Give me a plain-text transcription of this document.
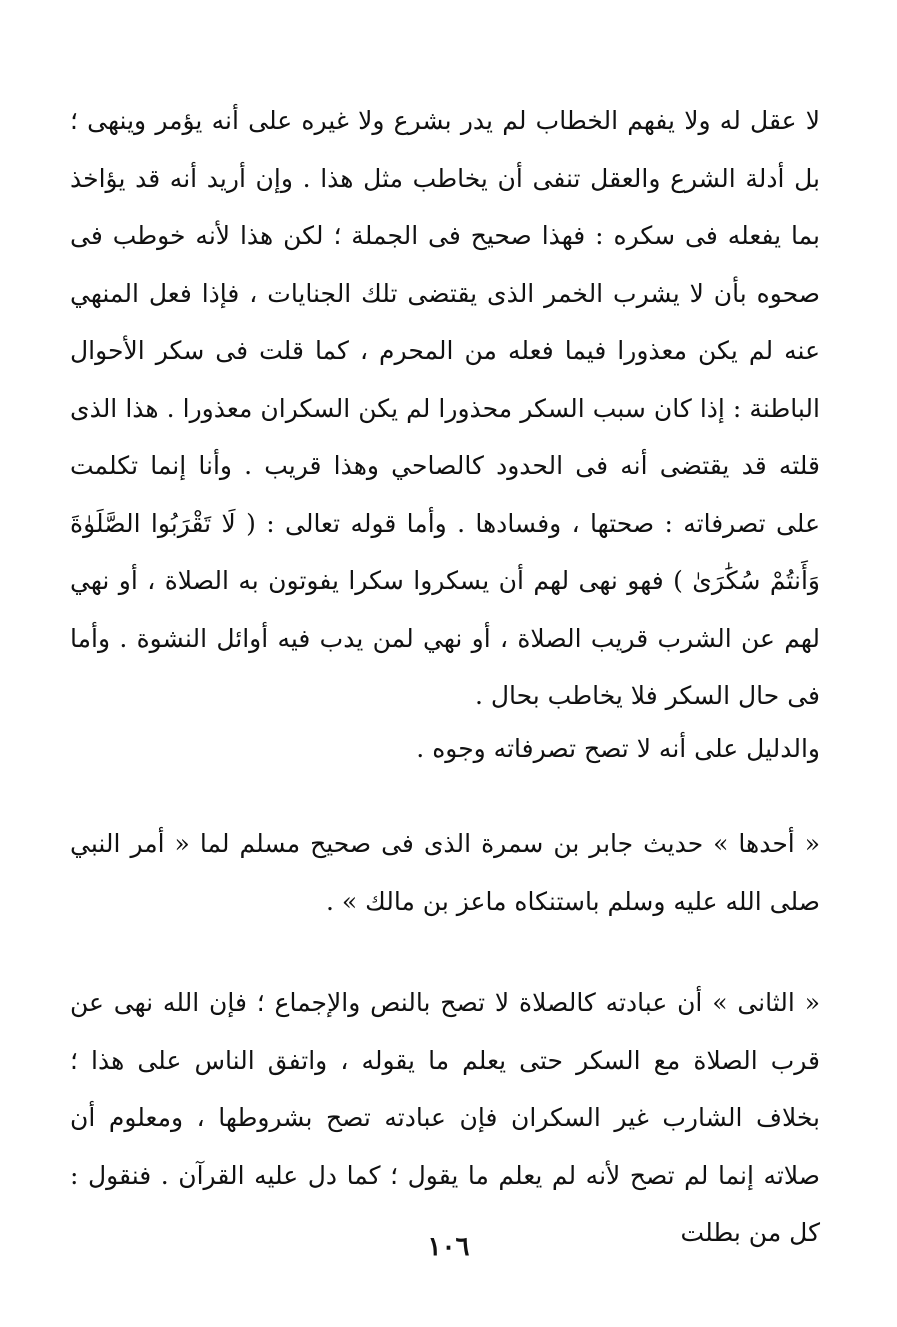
لا عقل له ولا يفهم الخطاب لم يدر بشرع ولا غيره على أنه يؤمر وينهى ؛ بل أدلة الشرع والعقل تنفى أن يخاطب مثل هذا . وإن أريد أنه قد يؤاخذ بما يفعله فى سكره : فهذا صحيح فى الجملة ؛ لكن هذا لأنه خوطب فى صحوه بأن لا يشرب الخمر الذى يقتضى تلك الجنايات ، فإذا فعل المنهي عنه لم يكن معذورا فيما فعله من المحرم ، كما قلت فى سكر الأحوال الباطنة : إذا كان سبب السكر محذورا لم يكن السكران معذورا . هذا الذى قلته قد يقتضى أنه فى الحدود كالصاحي وهذا قريب . وأنا إنما تكلمت على تصرفاته : صحتها ، وفسادها . وأما قوله تعالى : ( لَا تَقْرَبُوا الصَّلَوٰةَ وَأَنتُمْ سُكَٰرَىٰ ) فهو نهى لهم أن يسكروا سكرا يفوتون به الصلاة ، أو نهي لهم عن الشرب قريب الصلاة ، أو نهي لمن يدب فيه أوائل النشوة . وأما فى حال السكر فلا يخاطب بحال .
والدليل على أنه لا تصح تصرفاته وجوه .
« أحدها » حديث جابر بن سمرة الذى فى صحيح مسلم لما « أمر النبي صلى الله عليه وسلم باستنكاه ماعز بن مالك » .
« الثانى » أن عبادته كالصلاة لا تصح بالنص والإجماع ؛ فإن الله نهى عن قرب الصلاة مع السكر حتى يعلم ما يقوله ، واتفق الناس على هذا ؛ بخلاف الشارب غير السكران فإن عبادته تصح بشروطها ، ومعلوم أن صلاته إنما لم تصح لأنه لم يعلم ما يقول ؛ كما دل عليه القرآن . فنقول : كل من بطلت
١٠٦
